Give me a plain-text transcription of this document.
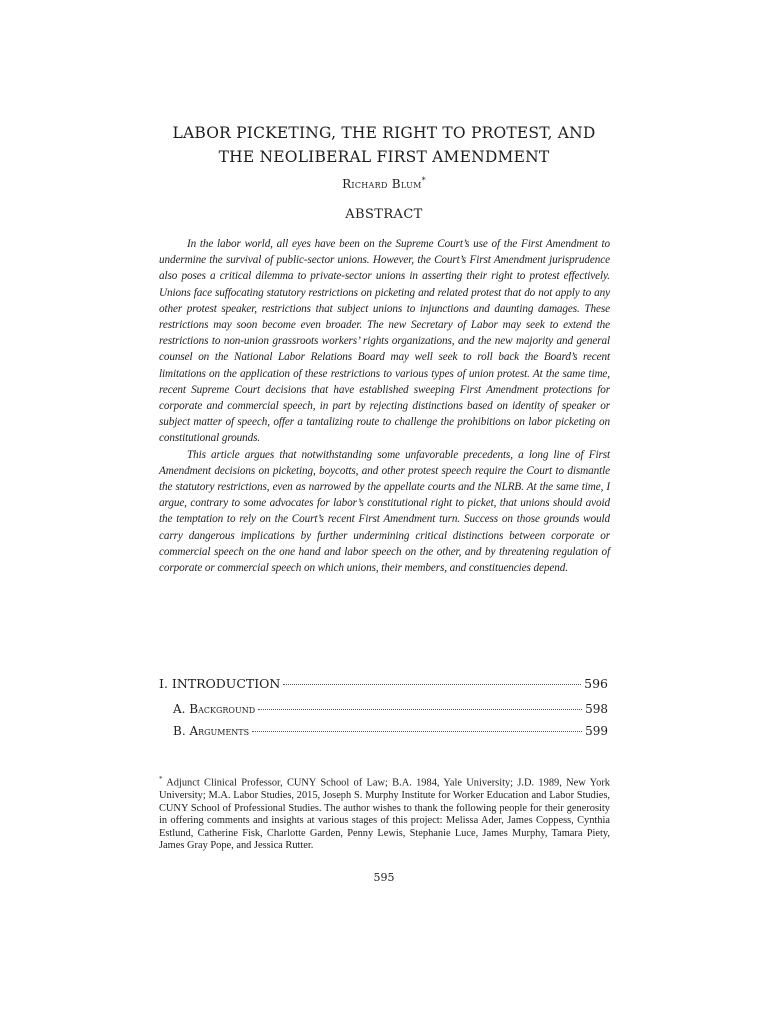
LABOR PICKETING, THE RIGHT TO PROTEST, AND
THE NEOLIBERAL FIRST AMENDMENT
Richard Blum*
ABSTRACT

In the labor world, all eyes have been on the Supreme Court’s use of the First Amendment to undermine the survival of public-sector unions. However, the Court’s First Amendment jurisprudence also poses a critical dilemma to private-sector unions in asserting their right to protest effectively. Unions face suffocating statutory restrictions on picketing and related protest that do not apply to any other protest speaker, restrictions that subject unions to injunctions and daunting damages. These restrictions may soon become even broader. The new Secretary of Labor may seek to extend the restrictions to non-union grassroots workers’ rights organizations, and the new majority and general counsel on the National Labor Relations Board may well seek to roll back the Board’s recent limitations on the application of these restrictions to various types of union protest. At the same time, recent Supreme Court decisions that have established sweeping First Amendment protections for corporate and commercial speech, in part by rejecting distinctions based on identity of speaker or subject matter of speech, offer a tantalizing route to challenge the prohibitions on labor picketing on constitutional grounds.

This article argues that notwithstanding some unfavorable precedents, a long line of First Amendment decisions on picketing, boycotts, and other protest speech require the Court to dismantle the statutory restrictions, even as narrowed by the appellate courts and the NLRB. At the same time, I argue, contrary to some advocates for labor’s constitutional right to picket, that unions should avoid the temptation to rely on the Court’s recent First Amendment turn. Success on those grounds would carry dangerous implications by further undermining critical distinctions between corporate or commercial speech on the one hand and labor speech on the other, and by threatening regulation of corporate or commercial speech on which unions, their members, and constituencies depend.

I. INTRODUCTION	596
A. Background	598
B. Arguments	599
* Adjunct Clinical Professor, CUNY School of Law; B.A. 1984, Yale University; J.D. 1989, New York University; M.A. Labor Studies, 2015, Joseph S. Murphy Institute for Worker Education and Labor Studies, CUNY School of Professional Studies. The author wishes to thank the following people for their generosity in offering comments and insights at various stages of this project: Melissa Ader, James Coppess, Cynthia Estlund, Catherine Fisk, Charlotte Garden, Penny Lewis, Stephanie Luce, James Murphy, Tamara Piety, James Gray Pope, and Jessica Rutter.
595
